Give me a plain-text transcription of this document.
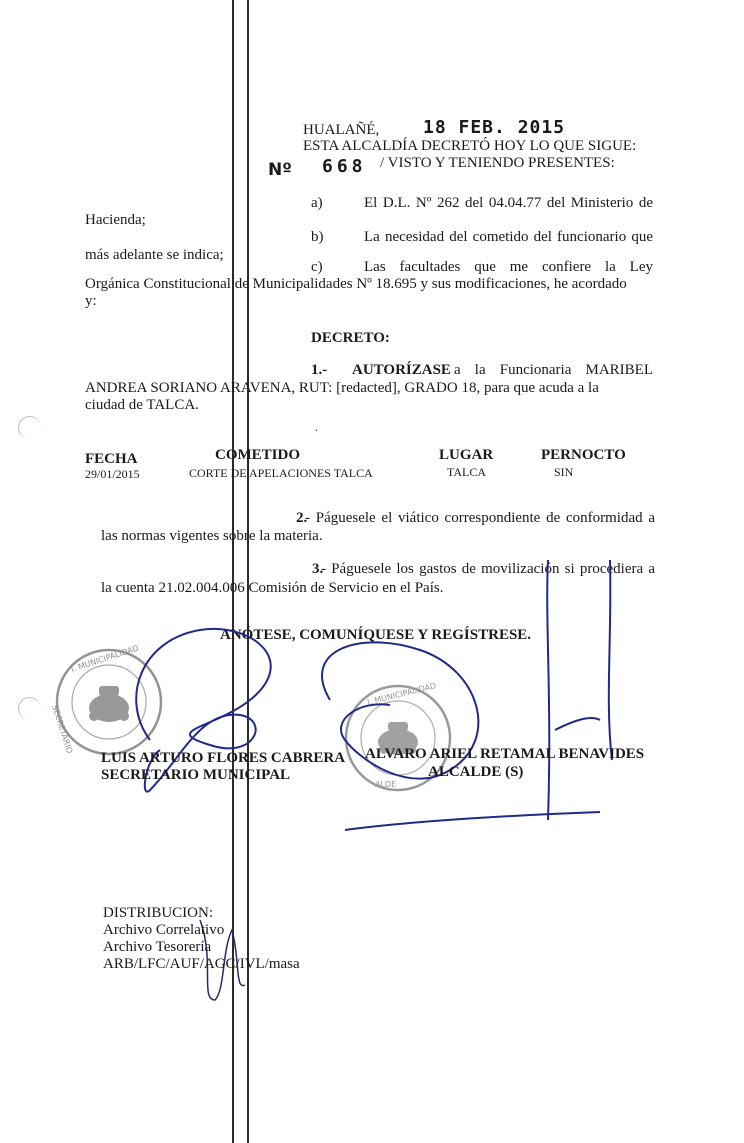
HUALAÑÉ, 18 FEB. 2015
ESTA ALCALDÍA DECRETÓ HOY LO QUE SIGUE:
Nº 668 / VISTO Y TENIENDO PRESENTES:
a)	El D.L. Nº 262 del 04.04.77 del Ministerio de
Hacienda;
b)	La necesidad del cometido del funcionario que
más adelante se indica;
c)	Las facultades que me confiere la Ley
Orgánica Constitucional de Municipalidades Nº 18.695 y sus modificaciones, he acordado
y:
DECRETO:
1.- AUTORÍZASE a la Funcionaria MARIBEL
ANDREA SORIANO ARAVENA, RUT: [redacted], GRADO 18, para que acuda a la
ciudad de TALCA.
.
FECHA	COMETIDO	LUGAR	PERNOCTO
29/01/2015	CORTE DE APELACIONES TALCA	TALCA	SIN
2.
- Páguesele el viático correspondiente de conformidad a
las normas vigentes sobre la materia.
3.
- Páguesele los gastos de movilización si procediera a
la cuenta 21.02.004.006 Comisión de Servicio en el País.
ANÓTESE, COMUNÍQUESE Y REGÍSTRESE.
I. MUNICIPALIDAD
SECRETARIO
I. MUNICIPALIDAD
ALDE
LUIS ARTURO FLORES CABRERA
SECRETARIO MUNICIPAL
ALVARO ARIEL RETAMAL BENAVIDES
ALCALDE (S)
DISTRIBUCION:
Archivo Correlativo
Archivo Tesorería
ARB/LFC/AUF/AGC/IVL/masa
